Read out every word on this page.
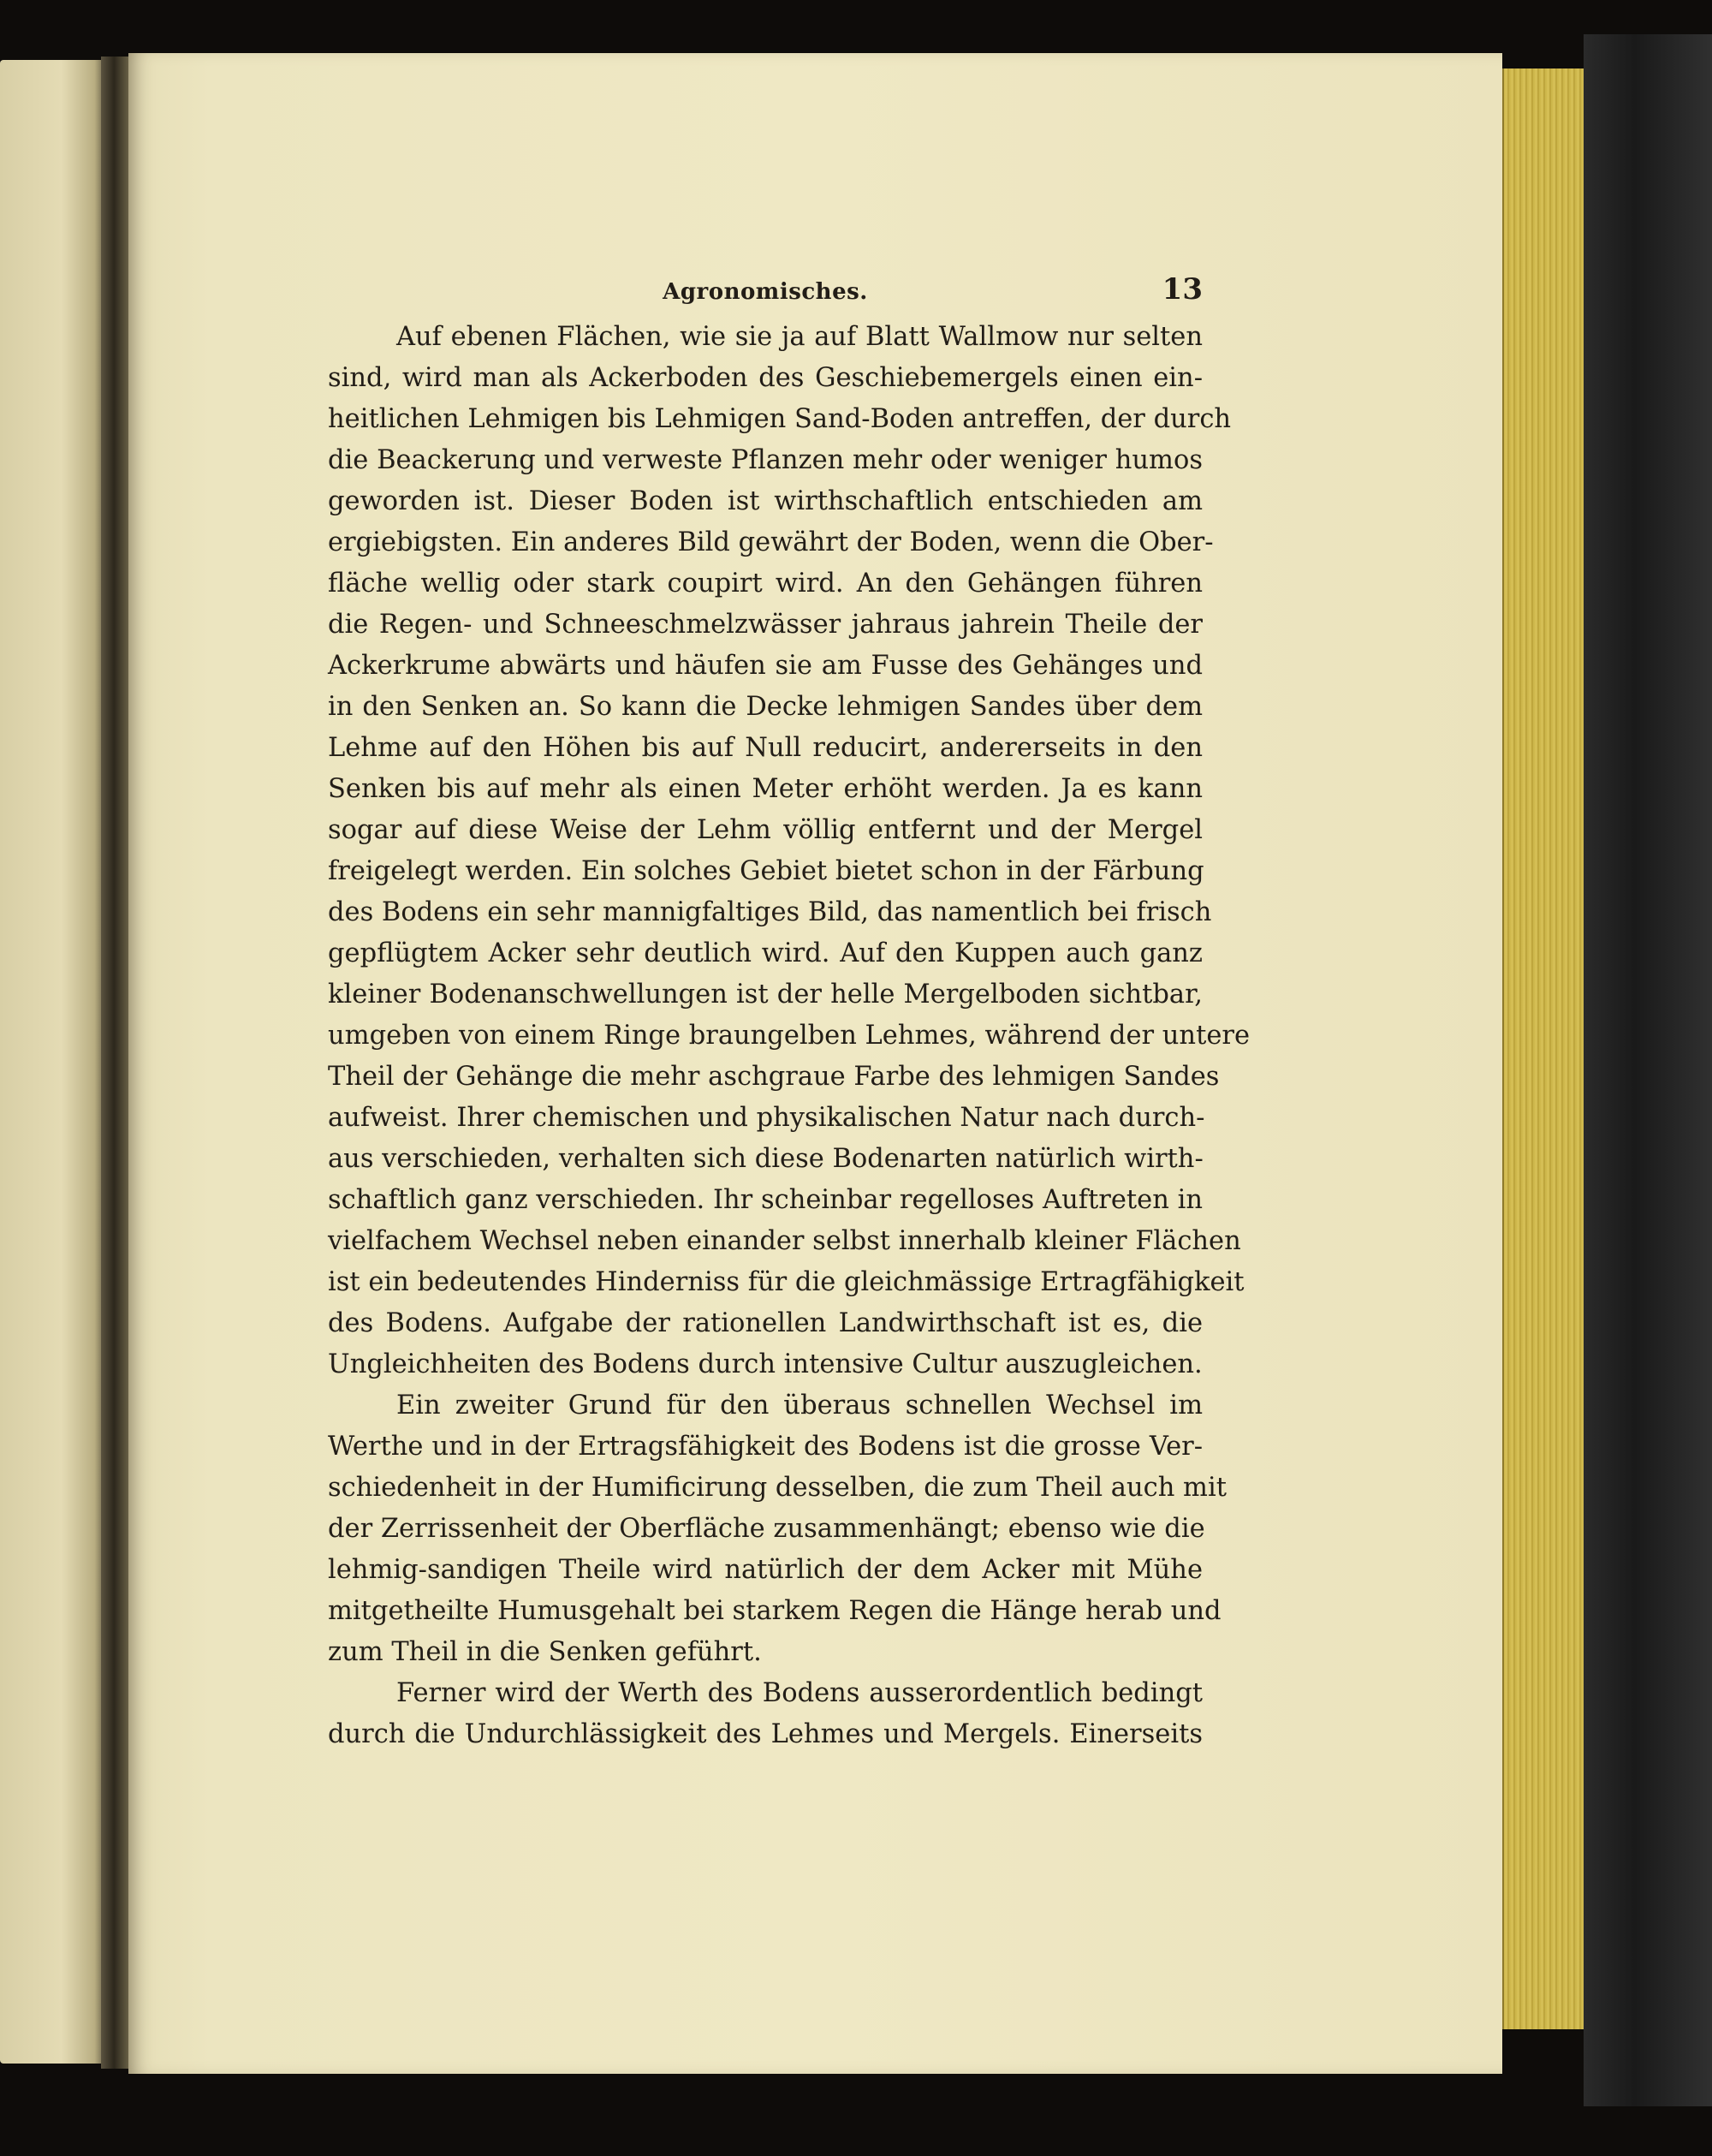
Agronomisches.	13
Auf ebenen Flächen, wie sie ja auf Blatt Wallmow nur selten
sind, wird man als Ackerboden des Geschiebemergels einen ein-
heitlichen Lehmigen bis Lehmigen Sand-Boden antreffen, der durch
die Beackerung und verweste Pflanzen mehr oder weniger humos
geworden ist. Dieser Boden ist wirthschaftlich entschieden am
ergiebigsten. Ein anderes Bild gewährt der Boden, wenn die Ober-
fläche wellig oder stark coupirt wird. An den Gehängen führen
die Regen- und Schneeschmelzwässer jahraus jahrein Theile der
Ackerkrume abwärts und häufen sie am Fusse des Gehänges und
in den Senken an. So kann die Decke lehmigen Sandes über dem
Lehme auf den Höhen bis auf Null reducirt, andererseits in den
Senken bis auf mehr als einen Meter erhöht werden. Ja es kann
sogar auf diese Weise der Lehm völlig entfernt und der Mergel
freigelegt werden. Ein solches Gebiet bietet schon in der Färbung
des Bodens ein sehr mannigfaltiges Bild, das namentlich bei frisch
gepflügtem Acker sehr deutlich wird. Auf den Kuppen auch ganz
kleiner Bodenanschwellungen ist der helle Mergelboden sichtbar,
umgeben von einem Ringe braungelben Lehmes, während der untere
Theil der Gehänge die mehr aschgraue Farbe des lehmigen Sandes
aufweist. Ihrer chemischen und physikalischen Natur nach durch-
aus verschieden, verhalten sich diese Bodenarten natürlich wirth-
schaftlich ganz verschieden. Ihr scheinbar regelloses Auftreten in
vielfachem Wechsel neben einander selbst innerhalb kleiner Flächen
ist ein bedeutendes Hinderniss für die gleichmässige Ertragfähigkeit
des Bodens. Aufgabe der rationellen Landwirthschaft ist es, die
Ungleichheiten des Bodens durch intensive Cultur auszugleichen.
Ein zweiter Grund für den überaus schnellen Wechsel im
Werthe und in der Ertragsfähigkeit des Bodens ist die grosse Ver-
schiedenheit in der Humificirung desselben, die zum Theil auch mit
der Zerrissenheit der Oberfläche zusammenhängt; ebenso wie die
lehmig-sandigen Theile wird natürlich der dem Acker mit Mühe
mitgetheilte Humusgehalt bei starkem Regen die Hänge herab und
zum Theil in die Senken geführt.
Ferner wird der Werth des Bodens ausserordentlich bedingt
durch die Undurchlässigkeit des Lehmes und Mergels. Einerseits
